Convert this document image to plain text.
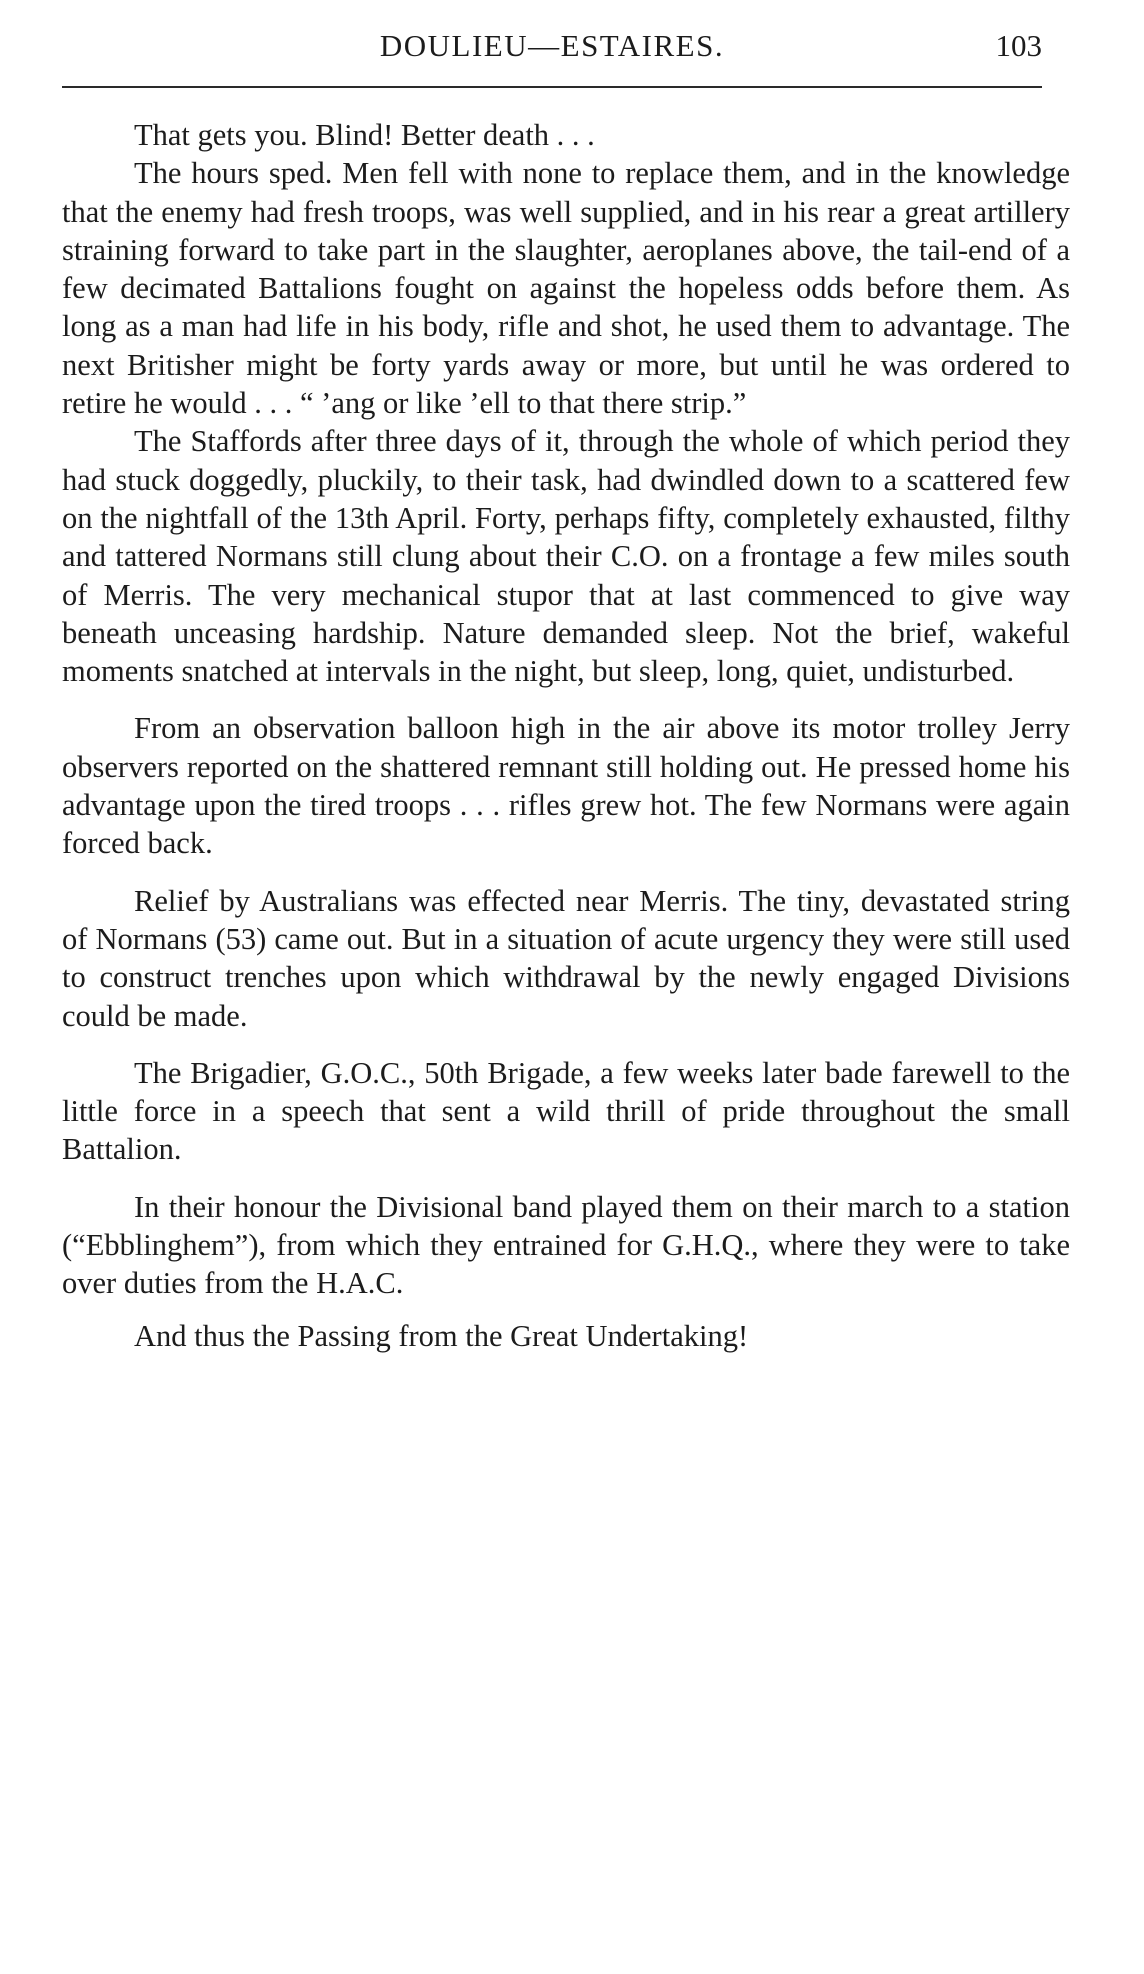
DOULIEU—ESTAIRES.	103

That gets you. Blind! Better death . . .

The hours sped. Men fell with none to replace them, and in the knowledge that the enemy had fresh troops, was well supplied, and in his rear a great artillery straining forward to take part in the slaughter, aeroplanes above, the tail-end of a few decimated Battalions fought on against the hopeless odds before them. As long as a man had life in his body, rifle and shot, he used them to advantage. The next Britisher might be forty yards away or more, but until he was ordered to retire he would . . . “ ’ang or like ’ell to that there strip.”

The Staffords after three days of it, through the whole of which period they had stuck doggedly, pluckily, to their task, had dwindled down to a scattered few on the nightfall of the 13th April. Forty, perhaps fifty, completely exhausted, filthy and tattered Normans still clung about their C.O. on a frontage a few miles south of Merris. The very mechanical stupor that at last commenced to give way beneath unceasing hardship. Nature demanded sleep. Not the brief, wakeful moments snatched at intervals in the night, but sleep, long, quiet, undisturbed.

From an observation balloon high in the air above its motor trolley Jerry observers reported on the shattered remnant still holding out. He pressed home his advantage upon the tired troops . . . rifles grew hot. The few Normans were again forced back.

Relief by Australians was effected near Merris. The tiny, devastated string of Normans (53) came out. But in a situation of acute urgency they were still used to construct trenches upon which withdrawal by the newly engaged Divisions could be made.

The Brigadier, G.O.C., 50th Brigade, a few weeks later bade farewell to the little force in a speech that sent a wild thrill of pride throughout the small Battalion.

In their honour the Divisional band played them on their march to a station (“Ebblinghem”), from which they entrained for G.H.Q., where they were to take over duties from the H.A.C.

And thus the Passing from the Great Undertaking!
